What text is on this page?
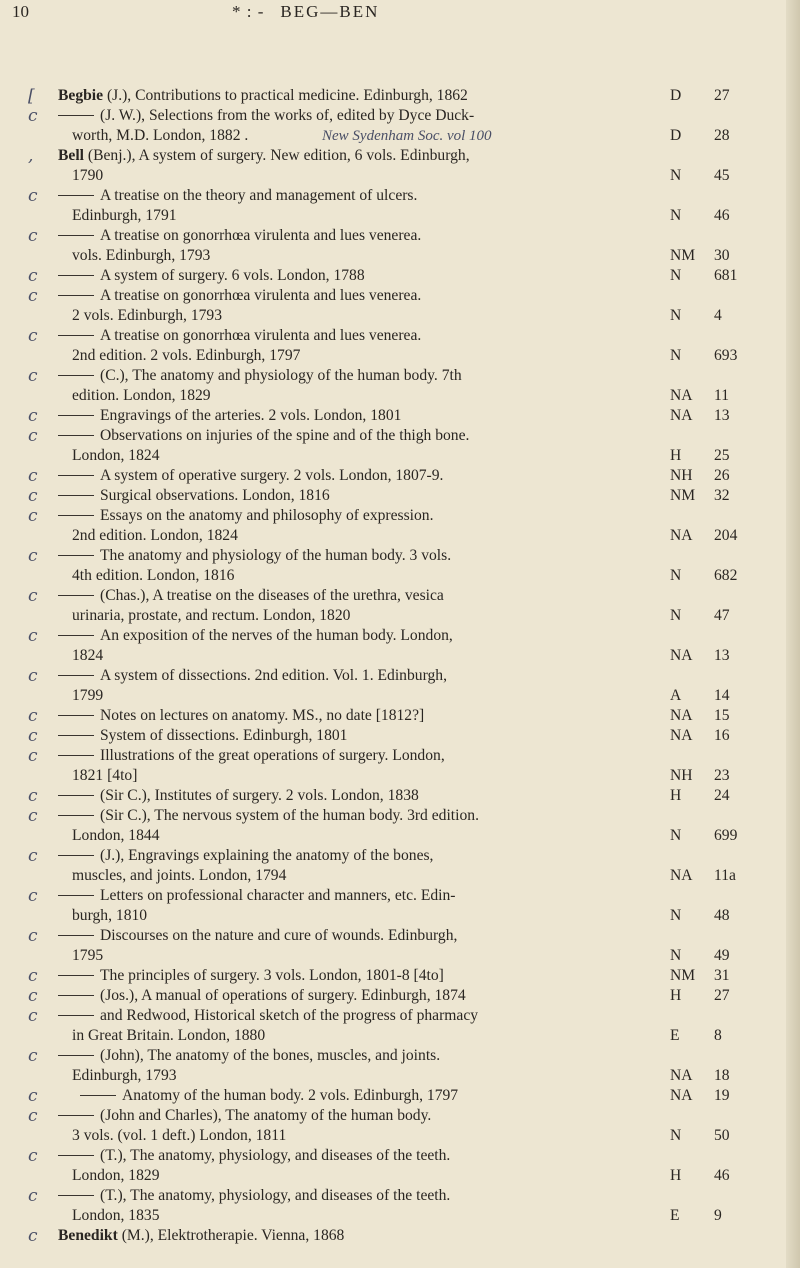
10	* : - BEG—BEN
[ Begbie (J.), Contributions to practical medicine. Edinburgh, 1862	D 27
c	(J. W.), Selections from the works of, edited by Dyce Duck-
worth, M.D. London, 1882 .	New Sydenham Soc. vol 100	D 28
, Bell (Benj.), A system of surgery. New edition, 6 vols. Edinburgh,
1790	N 45
c	A treatise on the theory and management of ulcers.
Edinburgh, 1791	N 46
c	A treatise on gonorrhœa virulenta and lues venerea.
vols. Edinburgh, 1793	NM 30
c	A system of surgery. 6 vols. London, 1788	N 681
c	A treatise on gonorrhœa virulenta and lues venerea.
2 vols. Edinburgh, 1793	N 4
c	A treatise on gonorrhœa virulenta and lues venerea.
2nd edition. 2 vols. Edinburgh, 1797	N 693
c	(C.), The anatomy and physiology of the human body. 7th
edition. London, 1829	NA 11
c	Engravings of the arteries. 2 vols. London, 1801	NA 13
c	Observations on injuries of the spine and of the thigh bone.
London, 1824	H 25
c	A system of operative surgery. 2 vols. London, 1807-9.	NH 26
c	Surgical observations. London, 1816	NM 32
c	Essays on the anatomy and philosophy of expression.
2nd edition. London, 1824	NA 204
c	The anatomy and physiology of the human body. 3 vols.
4th edition. London, 1816	N 682
c	(Chas.), A treatise on the diseases of the urethra, vesica
urinaria, prostate, and rectum. London, 1820	N 47
c	An exposition of the nerves of the human body. London,
1824	NA 13
c	A system of dissections. 2nd edition. Vol. 1. Edinburgh,
1799	A 14
c	Notes on lectures on anatomy. MS., no date [1812?]	NA 15
c	System of dissections. Edinburgh, 1801	NA 16
c	Illustrations of the great operations of surgery. London,
1821 [4to]	NH 23
c	(Sir C.), Institutes of surgery. 2 vols. London, 1838	H 24
c	(Sir C.), The nervous system of the human body. 3rd edition.
London, 1844	N 699
c	(J.), Engravings explaining the anatomy of the bones,
muscles, and joints. London, 1794	NA 11a
c	Letters on professional character and manners, etc. Edin-
burgh, 1810	N 48
c	Discourses on the nature and cure of wounds. Edinburgh,
1795	N 49
c	The principles of surgery. 3 vols. London, 1801-8 [4to]	NM 31
c	(Jos.), A manual of operations of surgery. Edinburgh, 1874	H 27
c	and Redwood, Historical sketch of the progress of pharmacy
in Great Britain. London, 1880	E 8
c	(John), The anatomy of the bones, muscles, and joints.
Edinburgh, 1793	NA 18
c	Anatomy of the human body. 2 vols. Edinburgh, 1797	NA 19
c	(John and Charles), The anatomy of the human body.
3 vols. (vol. 1 deft.) London, 1811	N 50
c	(T.), The anatomy, physiology, and diseases of the teeth.
London, 1829	H 46
c	(T.), The anatomy, physiology, and diseases of the teeth.
London, 1835	E 9
c Benedikt (M.), Elektrotherapie. Vienna, 1868
